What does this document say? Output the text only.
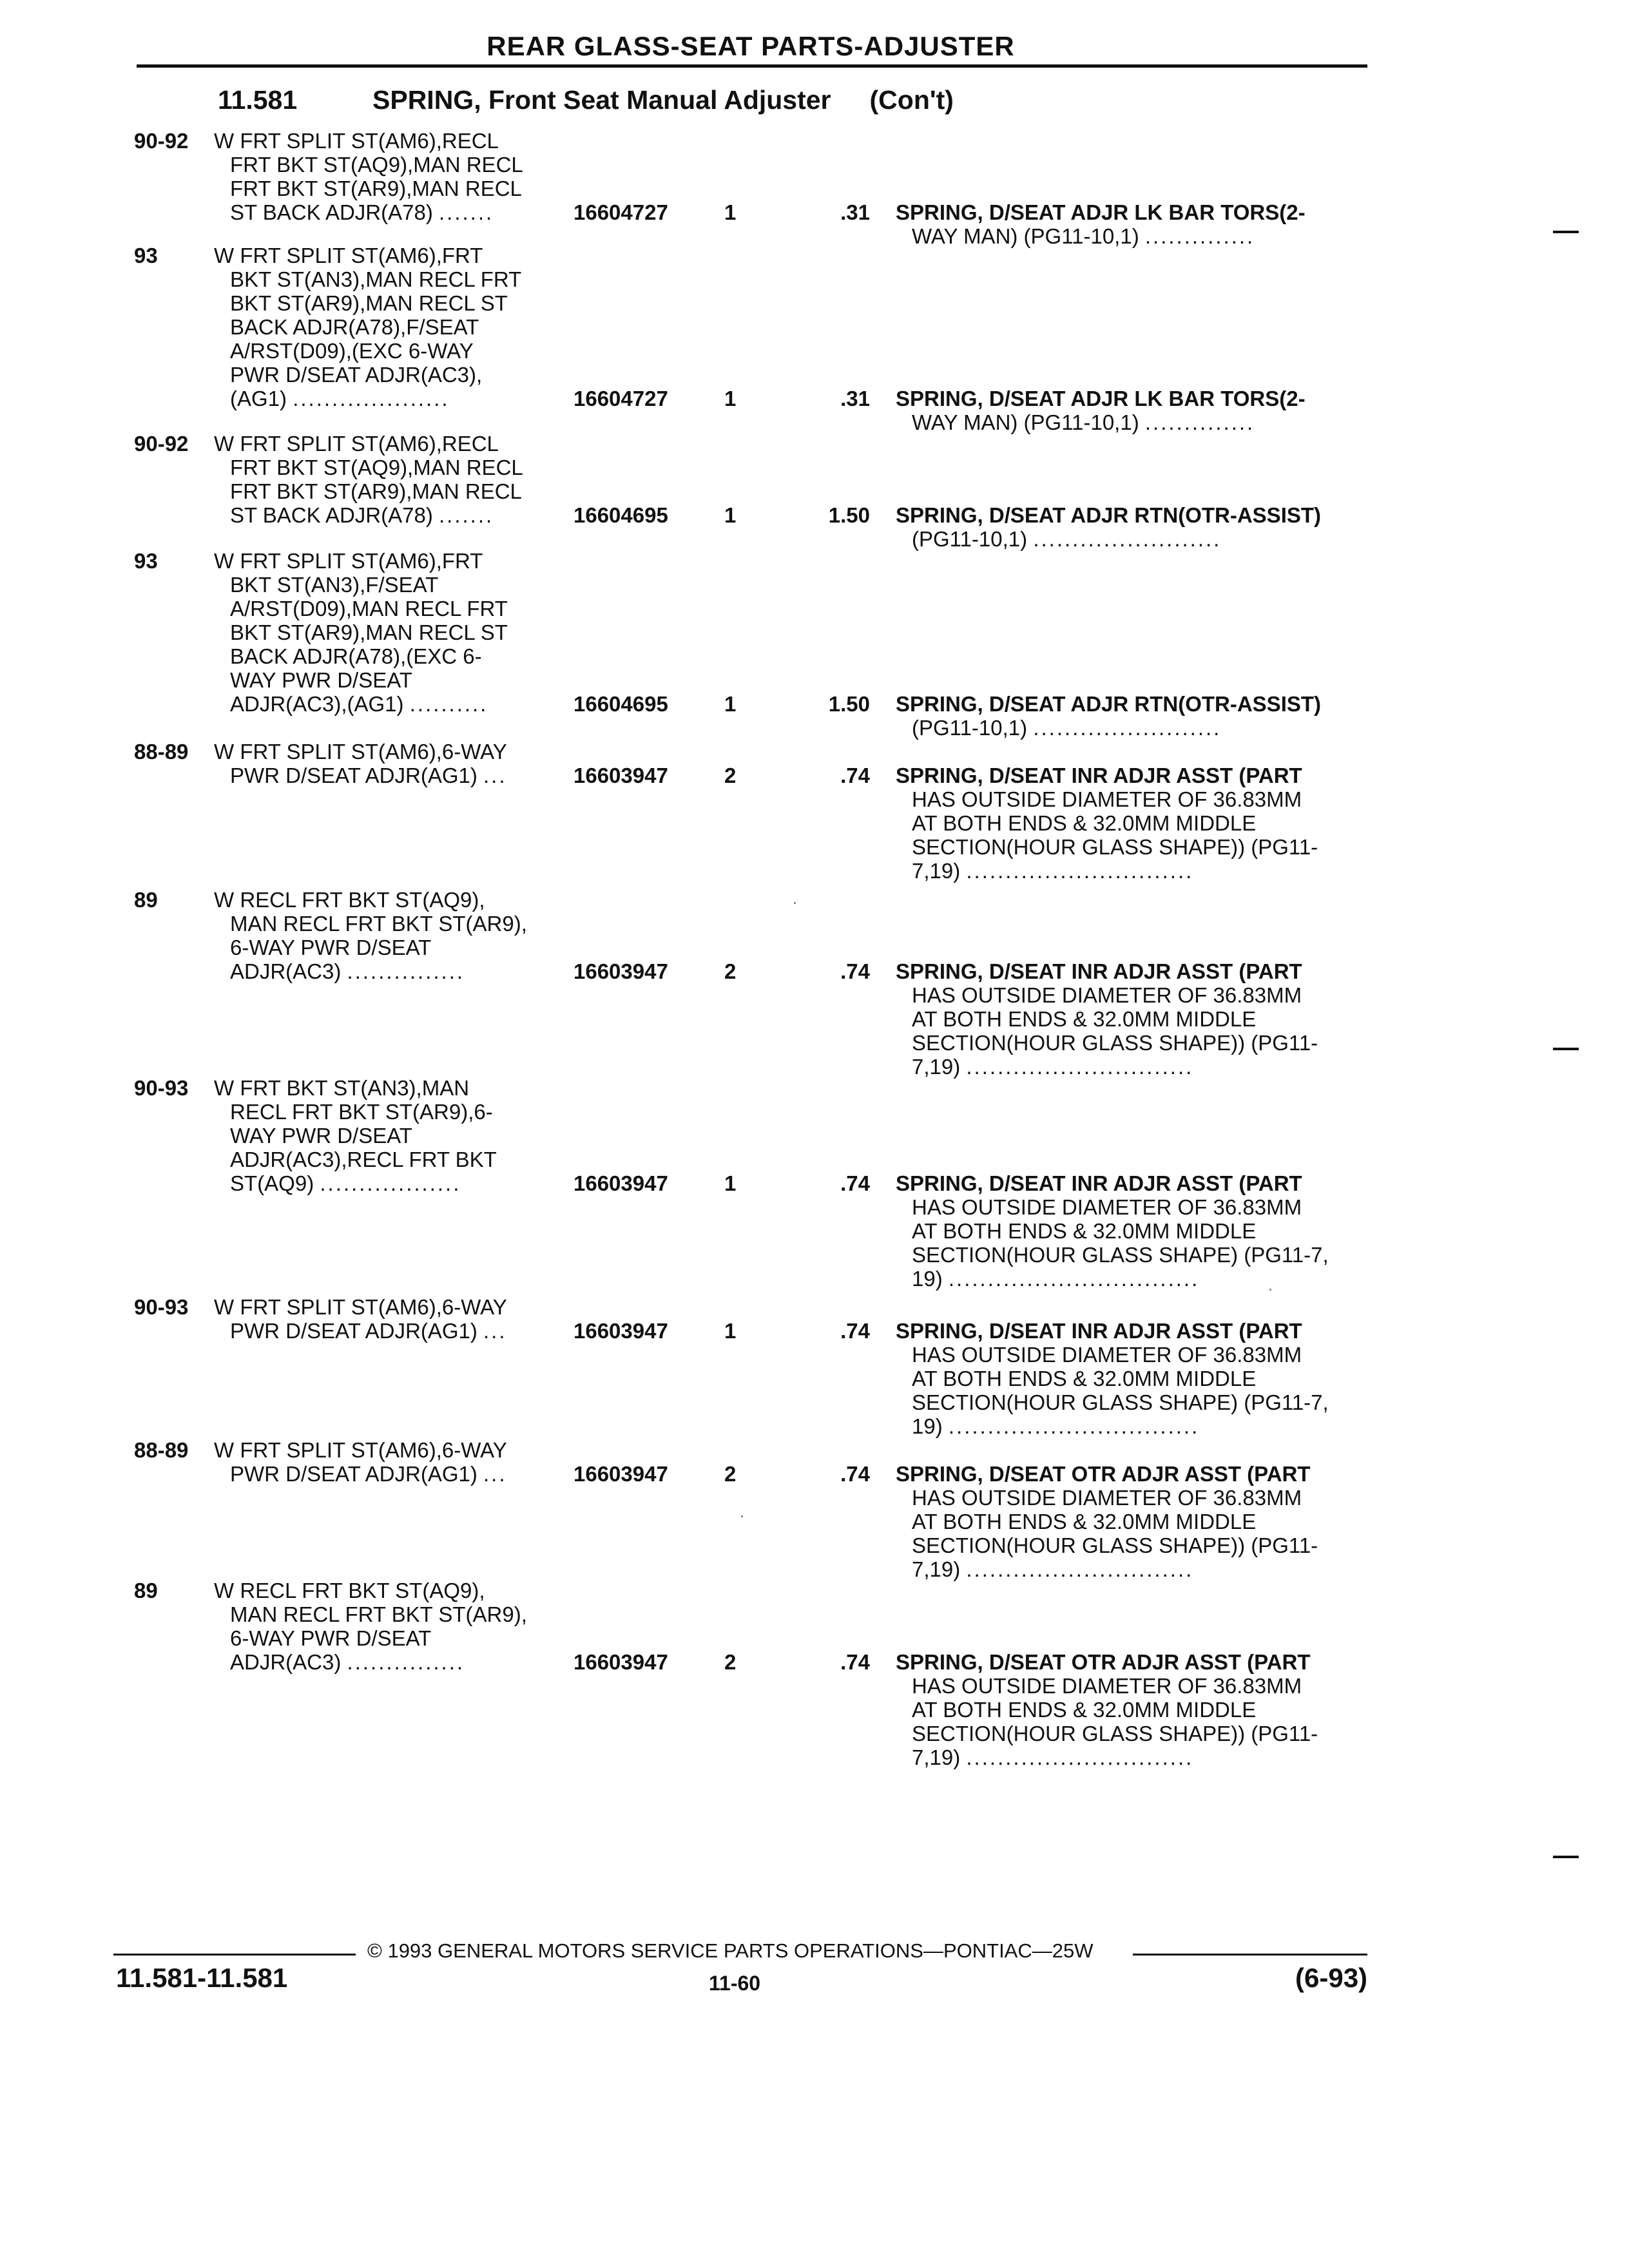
REAR GLASS-SEAT PARTS-ADJUSTER
11.581	SPRING, Front Seat Manual Adjuster (Con't)
90-92 W FRT SPLIT ST(AM6),RECL
FRT BKT ST(AQ9),MAN RECL
FRT BKT ST(AR9),MAN RECL
ST BACK ADJR(A78) .......	16604727	1	.31 SPRING, D/SEAT ADJR LK BAR TORS(2-
WAY MAN) (PG11-10,1) ..............
93	W FRT SPLIT ST(AM6),FRT
BKT ST(AN3),MAN RECL FRT
BKT ST(AR9),MAN RECL ST
BACK ADJR(A78),F/SEAT
A/RST(D09),(EXC 6-WAY
PWR D/SEAT ADJR(AC3),
(AG1) ....................	16604727	1	.31 SPRING, D/SEAT ADJR LK BAR TORS(2-
WAY MAN) (PG11-10,1) ..............
90-92 W FRT SPLIT ST(AM6),RECL
FRT BKT ST(AQ9),MAN RECL
FRT BKT ST(AR9),MAN RECL
ST BACK ADJR(A78) .......	16604695	1	1.50 SPRING, D/SEAT ADJR RTN(OTR-ASSIST)
(PG11-10,1) ........................
93	W FRT SPLIT ST(AM6),FRT
BKT ST(AN3),F/SEAT
A/RST(D09),MAN RECL FRT
BKT ST(AR9),MAN RECL ST
BACK ADJR(A78),(EXC 6-
WAY PWR D/SEAT
ADJR(AC3),(AG1) ..........	16604695	1	1.50 SPRING, D/SEAT ADJR RTN(OTR-ASSIST)
(PG11-10,1) ........................
88-89 W FRT SPLIT ST(AM6),6-WAY
PWR D/SEAT ADJR(AG1) ...	16603947	2	.74 SPRING, D/SEAT INR ADJR ASST (PART
HAS OUTSIDE DIAMETER OF 36.83MM
AT BOTH ENDS & 32.0MM MIDDLE
SECTION(HOUR GLASS SHAPE)) (PG11-
7,19) .............................
89	W RECL FRT BKT ST(AQ9),
MAN RECL FRT BKT ST(AR9),
6-WAY PWR D/SEAT
ADJR(AC3) ...............	16603947	2	.74 SPRING, D/SEAT INR ADJR ASST (PART
HAS OUTSIDE DIAMETER OF 36.83MM
AT BOTH ENDS & 32.0MM MIDDLE
SECTION(HOUR GLASS SHAPE)) (PG11-
7,19) .............................
90-93 W FRT BKT ST(AN3),MAN
RECL FRT BKT ST(AR9),6-
WAY PWR D/SEAT
ADJR(AC3),RECL FRT BKT
ST(AQ9) ..................	16603947	1	.74 SPRING, D/SEAT INR ADJR ASST (PART
HAS OUTSIDE DIAMETER OF 36.83MM
AT BOTH ENDS & 32.0MM MIDDLE
SECTION(HOUR GLASS SHAPE) (PG11-7,
19) ................................
90-93 W FRT SPLIT ST(AM6),6-WAY
PWR D/SEAT ADJR(AG1) ...	16603947	1	.74 SPRING, D/SEAT INR ADJR ASST (PART
HAS OUTSIDE DIAMETER OF 36.83MM
AT BOTH ENDS & 32.0MM MIDDLE
SECTION(HOUR GLASS SHAPE) (PG11-7,
19) ................................
88-89 W FRT SPLIT ST(AM6),6-WAY
PWR D/SEAT ADJR(AG1) ...	16603947	2	.74 SPRING, D/SEAT OTR ADJR ASST (PART
HAS OUTSIDE DIAMETER OF 36.83MM
AT BOTH ENDS & 32.0MM MIDDLE
SECTION(HOUR GLASS SHAPE)) (PG11-
7,19) .............................
89	W RECL FRT BKT ST(AQ9),
MAN RECL FRT BKT ST(AR9),
6-WAY PWR D/SEAT
ADJR(AC3) ...............	16603947	2	.74 SPRING, D/SEAT OTR ADJR ASST (PART
HAS OUTSIDE DIAMETER OF 36.83MM
AT BOTH ENDS & 32.0MM MIDDLE
SECTION(HOUR GLASS SHAPE)) (PG11-
7,19) .............................
© 1993 GENERAL MOTORS SERVICE PARTS OPERATIONS—PONTIAC—25W
11.581-11.581	11-60	(6-93)
